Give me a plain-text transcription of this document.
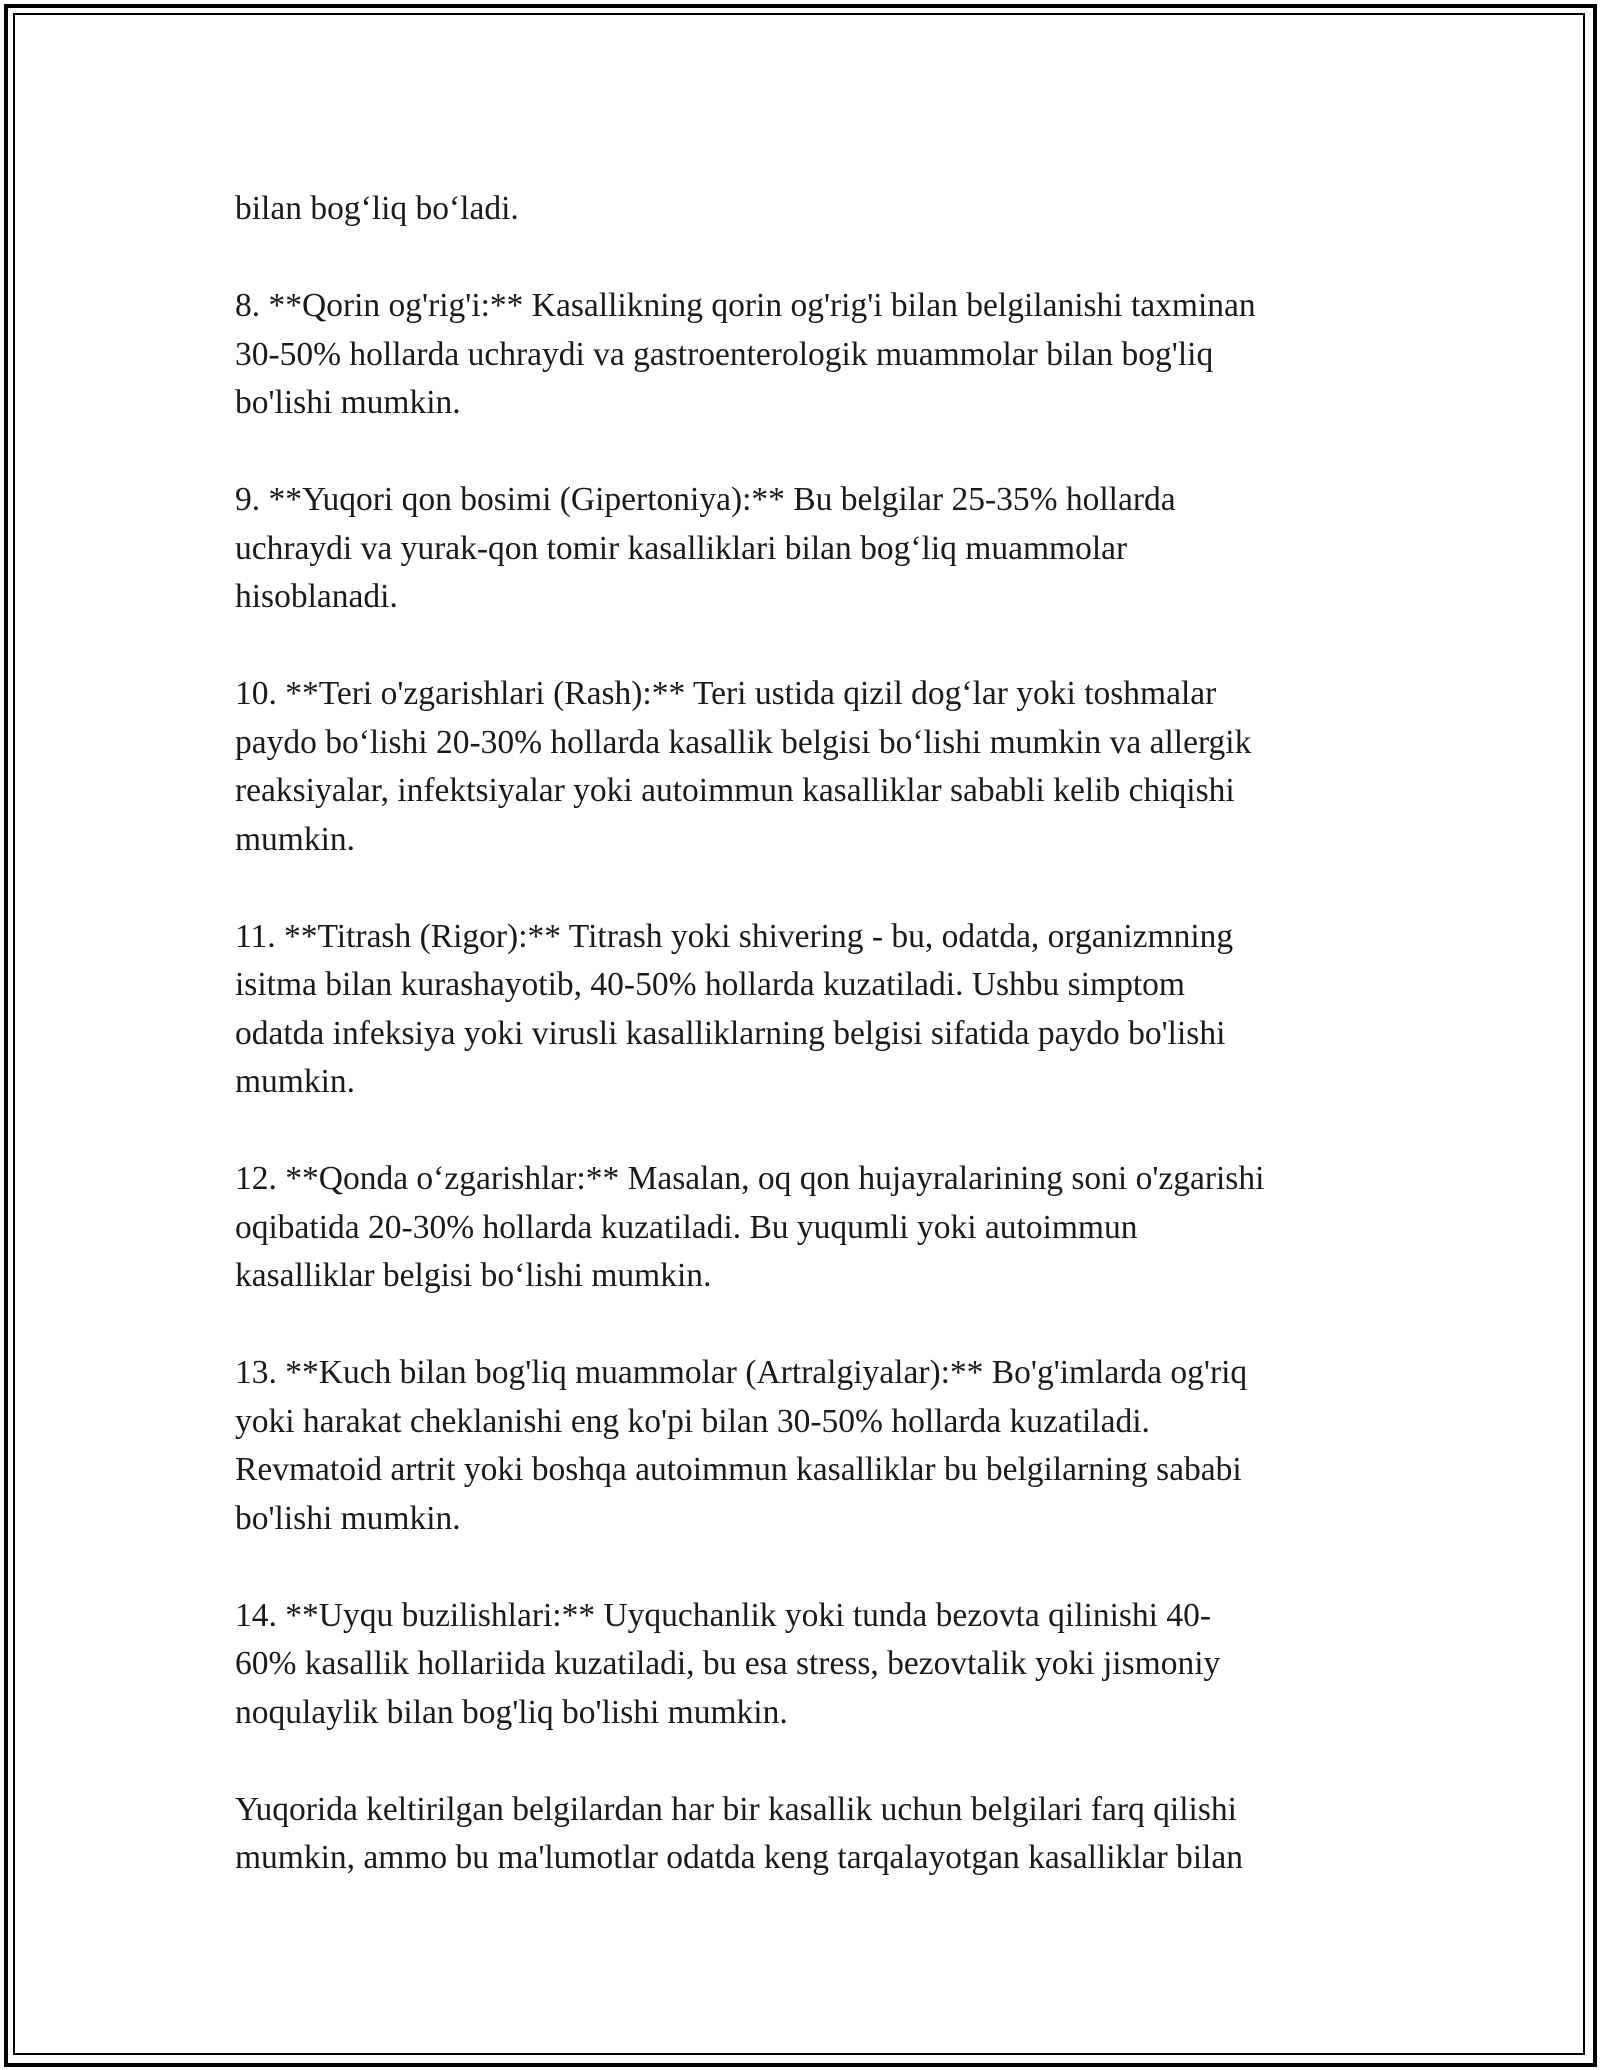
bilan bog‘liq bo‘ladi.

8. **Qorin og'rig'i:** Kasallikning qorin og'rig'i bilan belgilanishi taxminan
30-50% hollarda uchraydi va gastroenterologik muammolar bilan bog'liq
bo'lishi mumkin.

9. **Yuqori qon bosimi (Gipertoniya):** Bu belgilar 25-35% hollarda
uchraydi va yurak-qon tomir kasalliklari bilan bog‘liq muammolar
hisoblanadi.

10. **Teri o'zgarishlari (Rash):** Teri ustida qizil dog‘lar yoki toshmalar
paydo bo‘lishi 20-30% hollarda kasallik belgisi bo‘lishi mumkin va allergik
reaksiyalar, infektsiyalar yoki autoimmun kasalliklar sababli kelib chiqishi
mumkin.

11. **Titrash (Rigor):** Titrash yoki shivering - bu, odatda, organizmning
isitma bilan kurashayotib, 40-50% hollarda kuzatiladi. Ushbu simptom
odatda infeksiya yoki virusli kasalliklarning belgisi sifatida paydo bo'lishi
mumkin.

12. **Qonda o‘zgarishlar:** Masalan, oq qon hujayralarining soni o'zgarishi
oqibatida 20-30% hollarda kuzatiladi. Bu yuqumli yoki autoimmun
kasalliklar belgisi bo‘lishi mumkin.

13. **Kuch bilan bog'liq muammolar (Artralgiyalar):** Bo'g'imlarda og'riq
yoki harakat cheklanishi eng ko'pi bilan 30-50% hollarda kuzatiladi.
Revmatoid artrit yoki boshqa autoimmun kasalliklar bu belgilarning sababi
bo'lishi mumkin.

14. **Uyqu buzilishlari:** Uyquchanlik yoki tunda bezovta qilinishi 40-
60% kasallik hollariida kuzatiladi, bu esa stress, bezovtalik yoki jismoniy
noqulaylik bilan bog'liq bo'lishi mumkin.

Yuqorida keltirilgan belgilardan har bir kasallik uchun belgilari farq qilishi
mumkin, ammo bu ma'lumotlar odatda keng tarqalayotgan kasalliklar bilan
